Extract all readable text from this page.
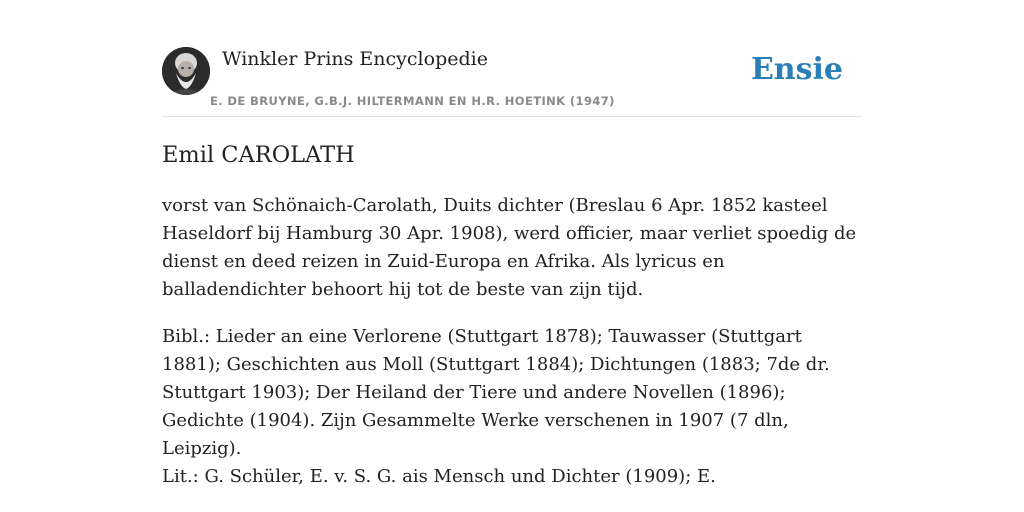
Winkler Prins Encyclopedie
E. DE BRUYNE, G.B.J. HILTERMANN EN H.R. HOETINK (1947)
Ensie
Emil CAROLATH

vorst van Schönaich-Carolath, Duits dichter (Breslau 6 Apr. 1852 kasteel Haseldorf bij Hamburg 30 Apr. 1908), werd officier, maar verliet spoedig de dienst en deed reizen in Zuid-Europa en Afrika. Als lyricus en balladendichter behoort hij tot de beste van zijn tijd.

Bibl.: Lieder an eine Verlorene (Stuttgart 1878); Tauwasser (Stuttgart 1881); Geschichten aus Moll (Stuttgart 1884); Dichtungen (1883; 7de dr. Stuttgart 1903); Der Heiland der Tiere und andere Novellen (1896); Gedichte (1904). Zijn Gesammelte Werke verschenen in 1907 (7 dln, Leipzig).

Lit.: G. Schüler, E. v. S. G. ais Mensch und Dichter (1909); E.
